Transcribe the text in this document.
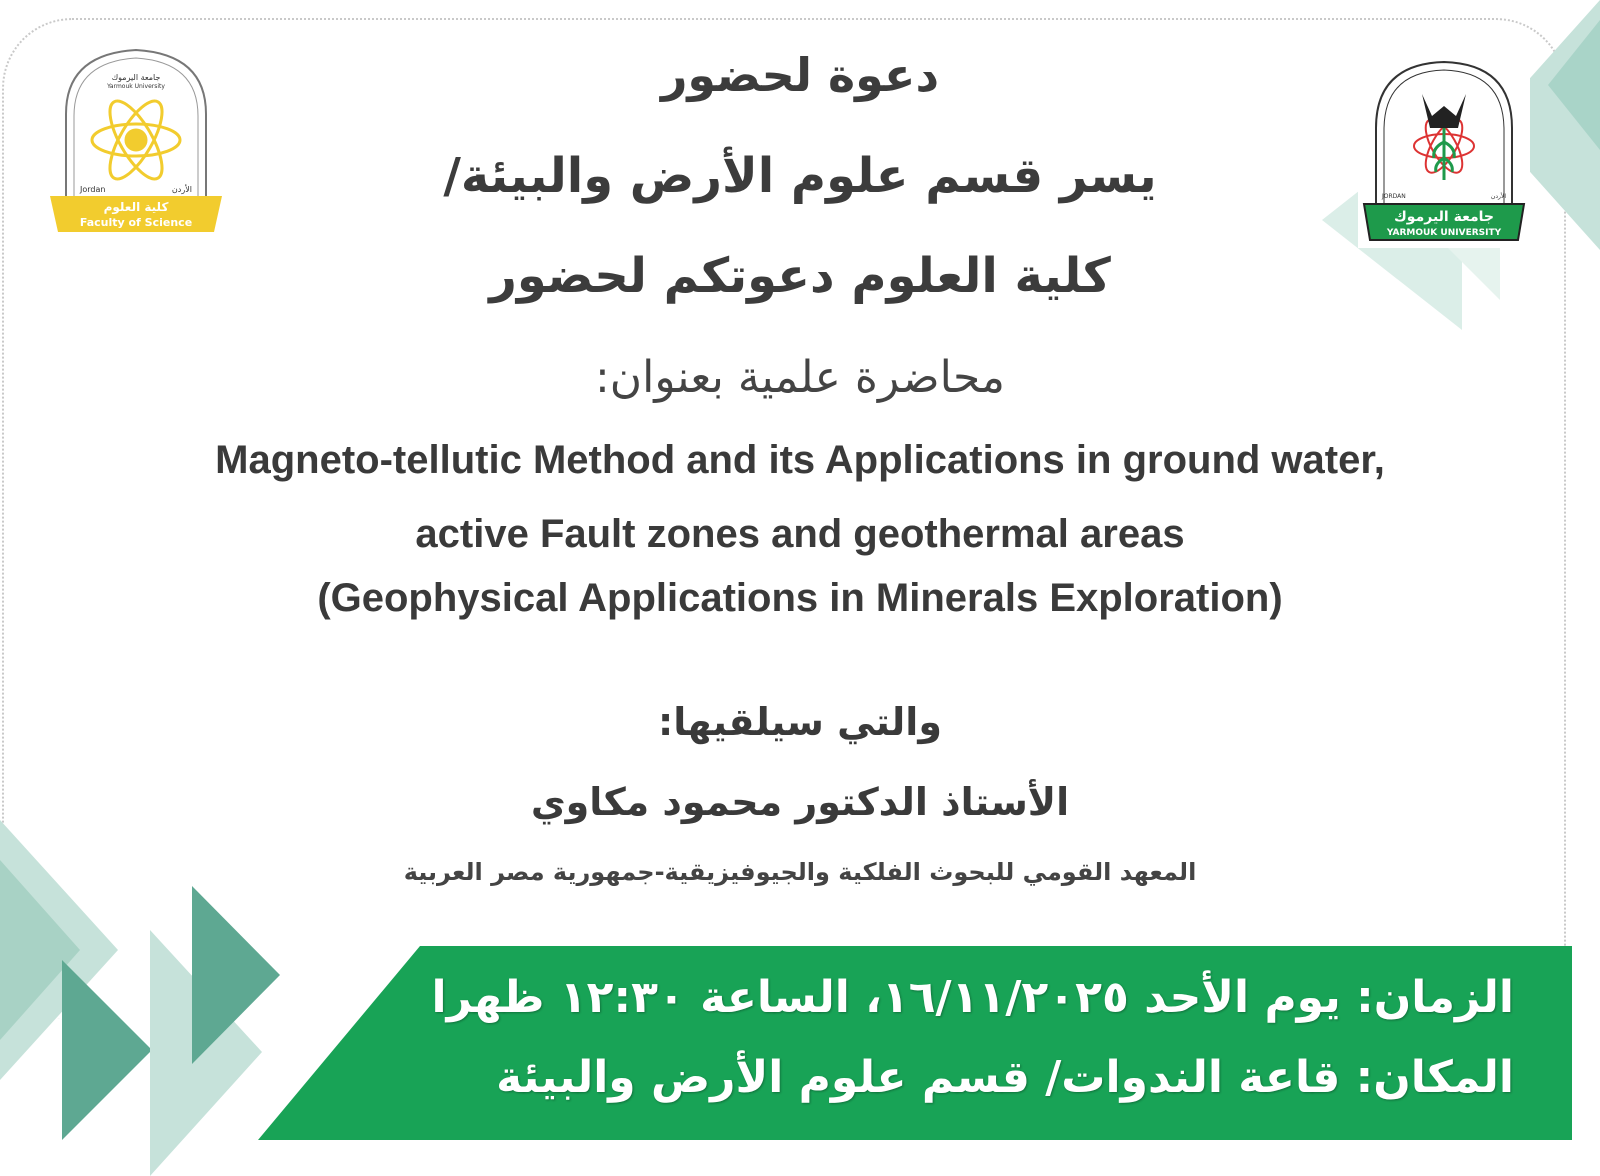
جامعة اليرموك
Yarmouk University
Jordan	الأردن
كلية العلوم
Faculty of Science
JORDAN	الأردن
جامعة اليرموك
YARMOUK UNIVERSITY

دعوة لحضور

يسر قسم علوم الأرض والبيئة/

كلية العلوم دعوتكم لحضور

محاضرة علمية بعنوان:

Magneto-tellutic Method and its Applications in ground water,

active Fault zones and geothermal areas

(Geophysical Applications in Minerals Exploration)

والتي سيلقيها:

الأستاذ الدكتور محمود مكاوي

المعهد القومي للبحوث الفلكية والجيوفيزيقية-جمهورية مصر العربية

الزمان: يوم الأحد ١٦/١١/٢٠٢٥، الساعة ١٢:٣٠ ظهرا

المكان: قاعة الندوات/ قسم علوم الأرض والبيئة
